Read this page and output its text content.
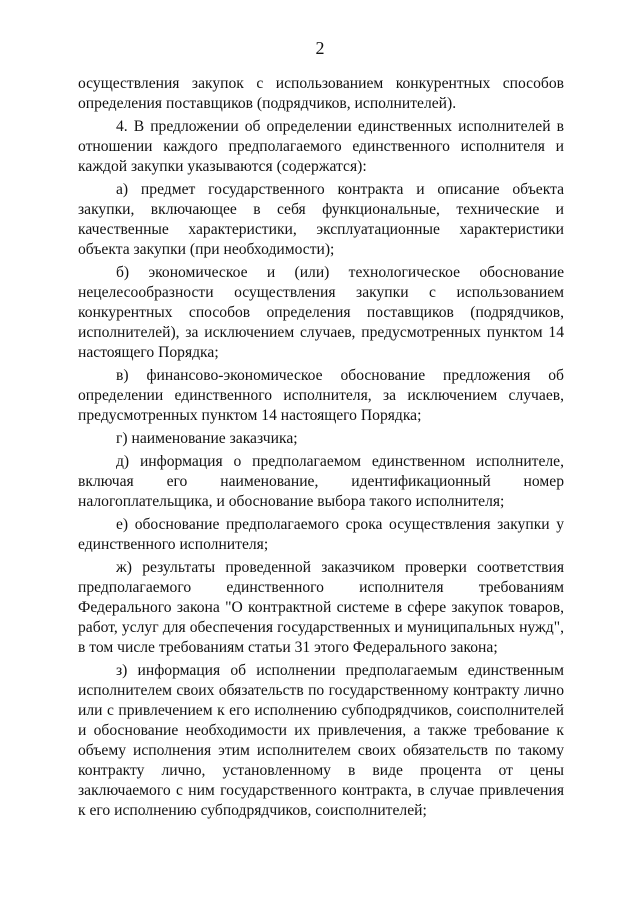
2

осуществления закупок с использованием конкурентных способов определения поставщиков (подрядчиков, исполнителей).

4. В предложении об определении единственных исполнителей в отношении каждого предполагаемого единственного исполнителя и каждой закупки указываются (содержатся):

а) предмет государственного контракта и описание объекта закупки, включающее в себя функциональные, технические и качественные характеристики, эксплуатационные характеристики объекта закупки (при необходимости);

б) экономическое и (или) технологическое обоснование нецелесообразности осуществления закупки с использованием конкурентных способов определения поставщиков (подрядчиков, исполнителей), за исключением случаев, предусмотренных пунктом 14 настоящего Порядка;

в) финансово-экономическое обоснование предложения об определении единственного исполнителя, за исключением случаев, предусмотренных пунктом 14 настоящего Порядка;

г) наименование заказчика;

д) информация о предполагаемом единственном исполнителе, включая его наименование, идентификационный номер налогоплательщика, и обоснование выбора такого исполнителя;

е) обоснование предполагаемого срока осуществления закупки у единственного исполнителя;

ж) результаты проведенной заказчиком проверки соответствия предполагаемого единственного исполнителя требованиям Федерального закона "О контрактной системе в сфере закупок товаров, работ, услуг для обеспечения государственных и муниципальных нужд", в том числе требованиям статьи 31 этого Федерального закона;

з) информация об исполнении предполагаемым единственным исполнителем своих обязательств по государственному контракту лично или с привлечением к его исполнению субподрядчиков, соисполнителей и обоснование необходимости их привлечения, а также требование к объему исполнения этим исполнителем своих обязательств по такому контракту лично, установленному в виде процента от цены заключаемого с ним государственного контракта, в случае привлечения к его исполнению субподрядчиков, соисполнителей;
